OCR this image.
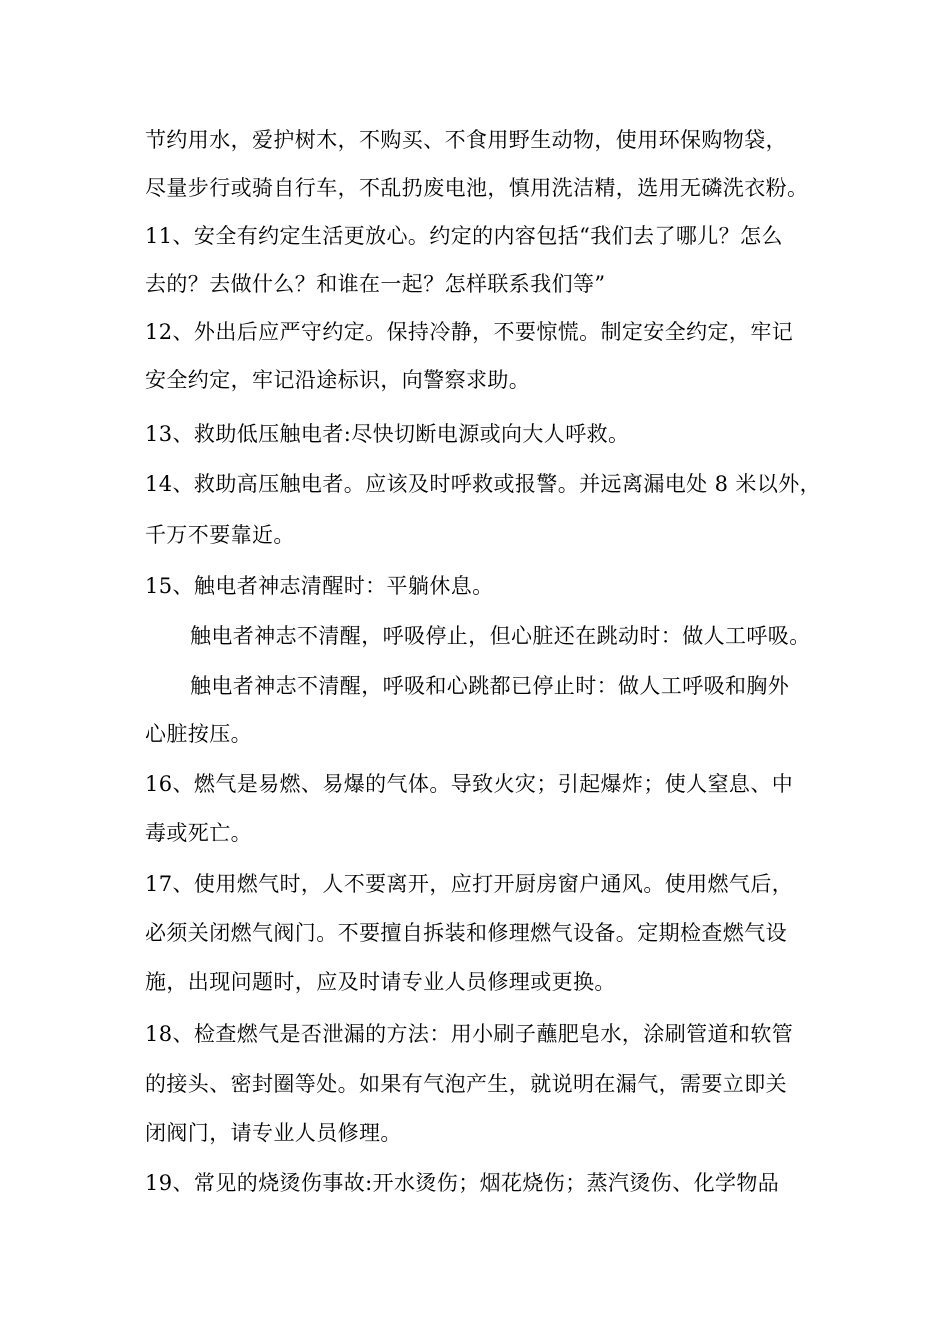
节约用水，爱护树木，不购买、不食用野生动物，使用环保购物袋，
尽量步行或骑自行车，不乱扔废电池，慎用洗洁精，选用无磷洗衣粉。
11、安全有约定生活更放心。约定的内容包括“我们去了哪儿？怎么
去的？去做什么？和谁在一起？怎样联系我们等”
12、外出后应严守约定。保持冷静，不要惊慌。制定安全约定，牢记
安全约定，牢记沿途标识，向警察求助。
13、救助低压触电者:尽快切断电源或向大人呼救。
14、救助高压触电者。应该及时呼救或报警。并远离漏电处 8 米以外，
千万不要靠近。
15、触电者神志清醒时：平躺休息。
触电者神志不清醒，呼吸停止，但心脏还在跳动时：做人工呼吸。
触电者神志不清醒，呼吸和心跳都已停止时：做人工呼吸和胸外
心脏按压。
16、燃气是易燃、易爆的气体。导致火灾；引起爆炸；使人窒息、中
毒或死亡。
17、使用燃气时，人不要离开，应打开厨房窗户通风。使用燃气后，
必须关闭燃气阀门。不要擅自拆装和修理燃气设备。定期检查燃气设
施，出现问题时，应及时请专业人员修理或更换。
18、检查燃气是否泄漏的方法：用小刷子蘸肥皂水，涂刷管道和软管
的接头、密封圈等处。如果有气泡产生，就说明在漏气，需要立即关
闭阀门，请专业人员修理。
19、常见的烧烫伤事故:开水烫伤；烟花烧伤；蒸汽烫伤、化学物品
